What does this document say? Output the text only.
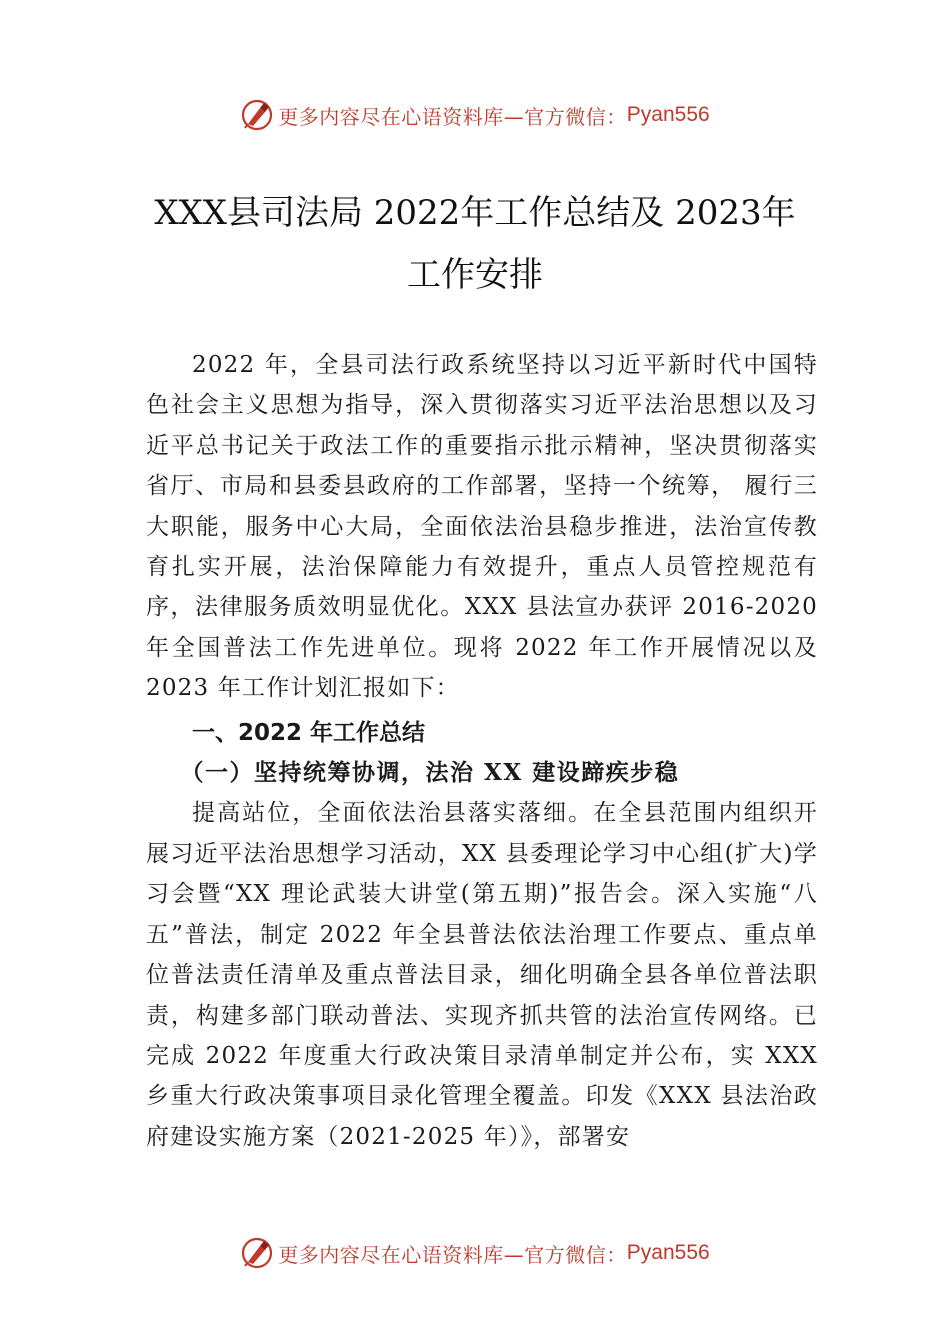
更多内容尽在心语资料库—官方微信： Pyan556
XXX县司法局 2022年工作总结及 2023年
工作安排

2022 年，全县司法行政系统坚持以习近平新时代中国特色社会主义思想为指导，深入贯彻落实习近平法治思想以及习近平总书记关于政法工作的重要指示批示精神，坚决贯彻落实省厅、市局和县委县政府的工作部署，坚持一个统筹， 履行三大职能，服务中心大局，全面依法治县稳步推进，法治宣传教育扎实开展，法治保障能力有效提升，重点人员管控规范有序，法律服务质效明显优化。XXX 县法宣办获评 2016-2020 年全国普法工作先进单位。现将 2022 年工作开展情况以及 2023 年工作计划汇报如下：

一、2022 年工作总结
（一）坚持统筹协调，法治 XX 建设蹄疾步稳

提高站位，全面依法治县落实落细。在全县范围内组织开展习近平法治思想学习活动，XX 县委理论学习中心组(扩大)学习会暨“XX 理论武装大讲堂(第五期)”报告会。深入实施“八五”普法，制定 2022 年全县普法依法治理工作要点、重点单位普法责任清单及重点普法目录，细化明确全县各单位普法职责，构建多部门联动普法、实现齐抓共管的法治宣传网络。已完成 2022 年度重大行政决策目录清单制定并公布，实 XXX 乡重大行政决策事项目录化管理全覆盖。印发《XXX 县法治政府建设实施方案（2021-2025 年）》，部署安

更多内容尽在心语资料库—官方微信： Pyan556
